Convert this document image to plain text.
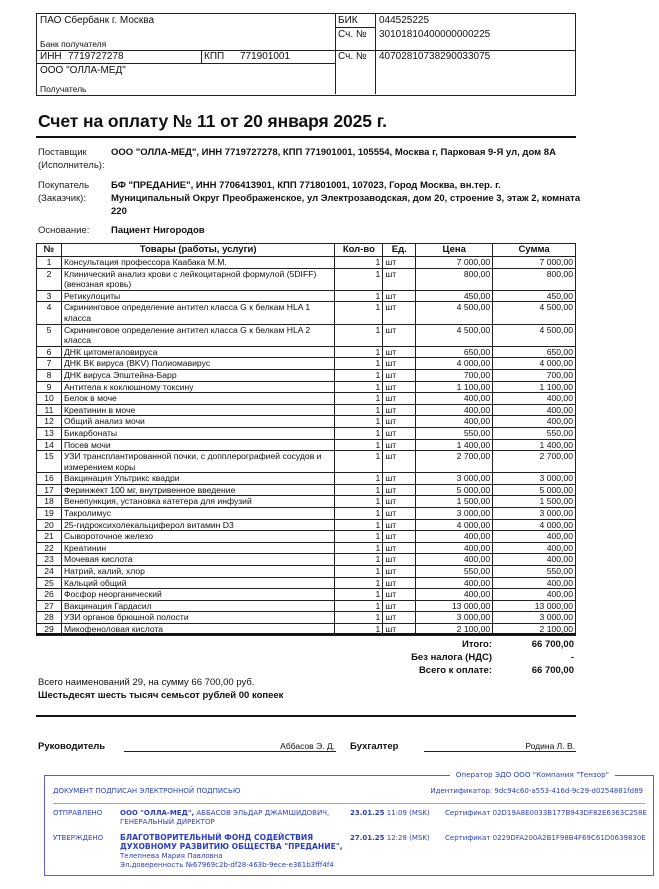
ПАО Сбербанк г. Москва
Банк получателя
БИК	044525225
Сч. №	30101810400000000225
ИНН 7719727278	КПП	771901001	Сч. №	40702810738290033075
ООО "ОЛЛА-МЕД"
Получатель
Счет на оплату № 11 от 20 января 2025 г.
Поставщик
(Исполнитель):
ООО "ОЛЛА-МЕД", ИНН 7719727278, КПП 771901001, 105554, Москва г, Парковая 9-Я ул, дом 8А
Покупатель
(Заказчик):
БФ "ПРЕДАНИЕ", ИНН 7706413901, КПП 771801001, 107023, Город Москва, вн.тер. г. Муниципальный Округ Преображенское, ул Электрозаводская, дом 20, строение 3, этаж 2, комната 220
Основание:	Пациент Нигородов
№	Товары (работы, услуги)	Кол-во	Ед.	Цена	Сумма
1	Консультация профессора Каабака М.М.	1	шт	7 000,00	7 000,00
2	Клинический анализ крови с лейкоцитарной формулой (5DIFF) (венозная кровь)	1	шт	800,00	800,00
3	Ретикулоциты	1	шт	450,00	450,00
4	Скрининговое определение антител класса G к белкам HLA 1 класса	1	шт	4 500,00	4 500,00
5	Скрининговое определение антител класса G к белкам HLA 2 класса	1	шт	4 500,00	4 500,00
6	ДНК цитомегаловируса	1	шт	650,00	650,00
7	ДНК ВК вируса (BKV) Полиомавирус	1	шт	4 000,00	4 000,00
8	ДНК вируса Эпштейна-Барр	1	шт	700,00	700,00
9	Антитела к коклюшному токсину	1	шт	1 100,00	1 100,00
10	Белок в моче	1	шт	400,00	400,00
11	Креатинин в моче	1	шт	400,00	400,00
12	Общий анализ мочи	1	шт	400,00	400,00
13	Бикарбонаты	1	шт	550,00	550,00
14	Посев мочи	1	шт	1 400,00	1 400,00
15	УЗИ трансплантированной почки, с допплерографией сосудов и измерением коры	1	шт	2 700,00	2 700,00
16	Вакцинация Ультрикс квадри	1	шт	3 000,00	3 000,00
17	Феринжект 100 мг, внутривенное введение	1	шт	5 000,00	5 000,00
18	Венепункция, установка катетера для инфузий	1	шт	1 500,00	1 500,00
19	Такролимус	1	шт	3 000,00	3 000,00
20	25-гидроксихолекальциферол витамин D3	1	шт	4 000,00	4 000,00
21	Сывороточное железо	1	шт	400,00	400,00
22	Креатинин	1	шт	400,00	400,00
23	Мочевая кислота	1	шт	400,00	400,00
24	Натрий, калий, хлор	1	шт	550,00	550,00
25	Кальций общий	1	шт	400,00	400,00
26	Фосфор неорганический	1	шт	400,00	400,00
27	Вакцинация Гардасил	1	шт	13 000,00	13 000,00
28	УЗИ органов брюшной полости	1	шт	3 000,00	3 000,00
29	Микофеноловая кислота	1	шт	2 100,00	2 100,00
Итого:	66 700,00
Без налога (НДС)	-
Всего к оплате:	66 700,00
Всего наименований 29, на сумму 66 700,00 руб.
Шестьдесят шесть тысяч семьсот рублей 00 копеек
Руководитель	Аббасов Э. Д. Бухгалтер	Родина Л. В.
Оператор ЭДО ООО "Компания "Тензор"
ДОКУМЕНТ ПОДПИСАН ЭЛЕКТРОННОЙ ПОДПИСЬЮ	Идентификатор: 9dc94c60-a553-416d-9c29-d0254881fd89
ОТПРАВЛЕНО	ООО "ОЛЛА-МЕД", АББАСОВ ЭЛЬДАР ДЖАМШИДОВИЧ,
ГЕНЕРАЛЬНЫЙ ДИРЕКТОР
23.01.25 11:09 (MSK) Сертификат 02D19A8E0033B177B943DF82E6363C258E
УТВЕРЖДЕНО БЛАГОТВОРИТЕЛЬНЫЙ ФОНД СОДЕЙСТВИЯ
ДУХОВНОМУ РАЗВИТИЮ ОБЩЕСТВА "ПРЕДАНИЕ",
Телепнева Мария Павловна
Эл.доверенность №67969c2b-df28-463b-9ece-e361b3fff4f4
27.01.25 12:28 (MSK) Сертификат 0229DFA200A2B1F98B4F69C61D0639830E
